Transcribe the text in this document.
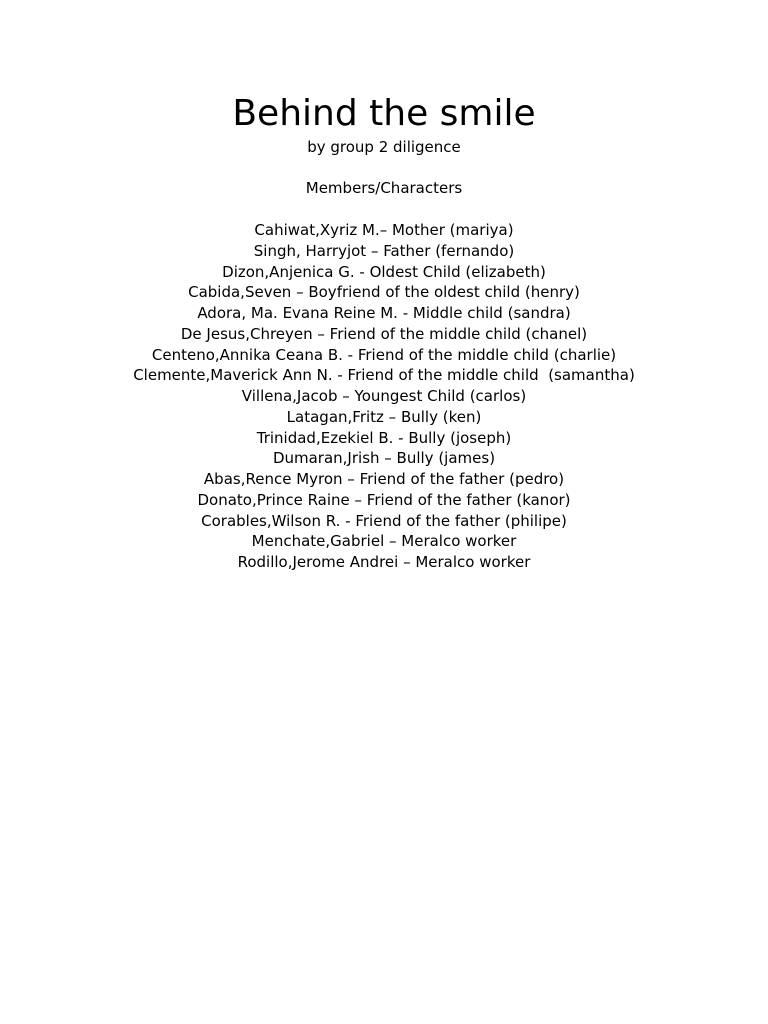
Behind the smile
by group 2 diligence
Members/Characters
Cahiwat,Xyriz M.– Mother (mariya)
Singh, Harryjot – Father (fernando)
Dizon,Anjenica G. - Oldest Child (elizabeth)
Cabida,Seven – Boyfriend of the oldest child (henry)
Adora, Ma. Evana Reine M. - Middle child (sandra)
De Jesus,Chreyen – Friend of the middle child (chanel)
Centeno,Annika Ceana B. - Friend of the middle child (charlie)
Clemente,Maverick Ann N. - Friend of the middle child  (samantha)
Villena,Jacob – Youngest Child (carlos)
Latagan,Fritz – Bully (ken)
Trinidad,Ezekiel B. - Bully (joseph)
Dumaran,Jrish – Bully (james)
Abas,Rence Myron – Friend of the father (pedro)
Donato,Prince Raine – Friend of the father (kanor)
Corables,Wilson R. - Friend of the father (philipe)
Menchate,Gabriel – Meralco worker
Rodillo,Jerome Andrei – Meralco worker
